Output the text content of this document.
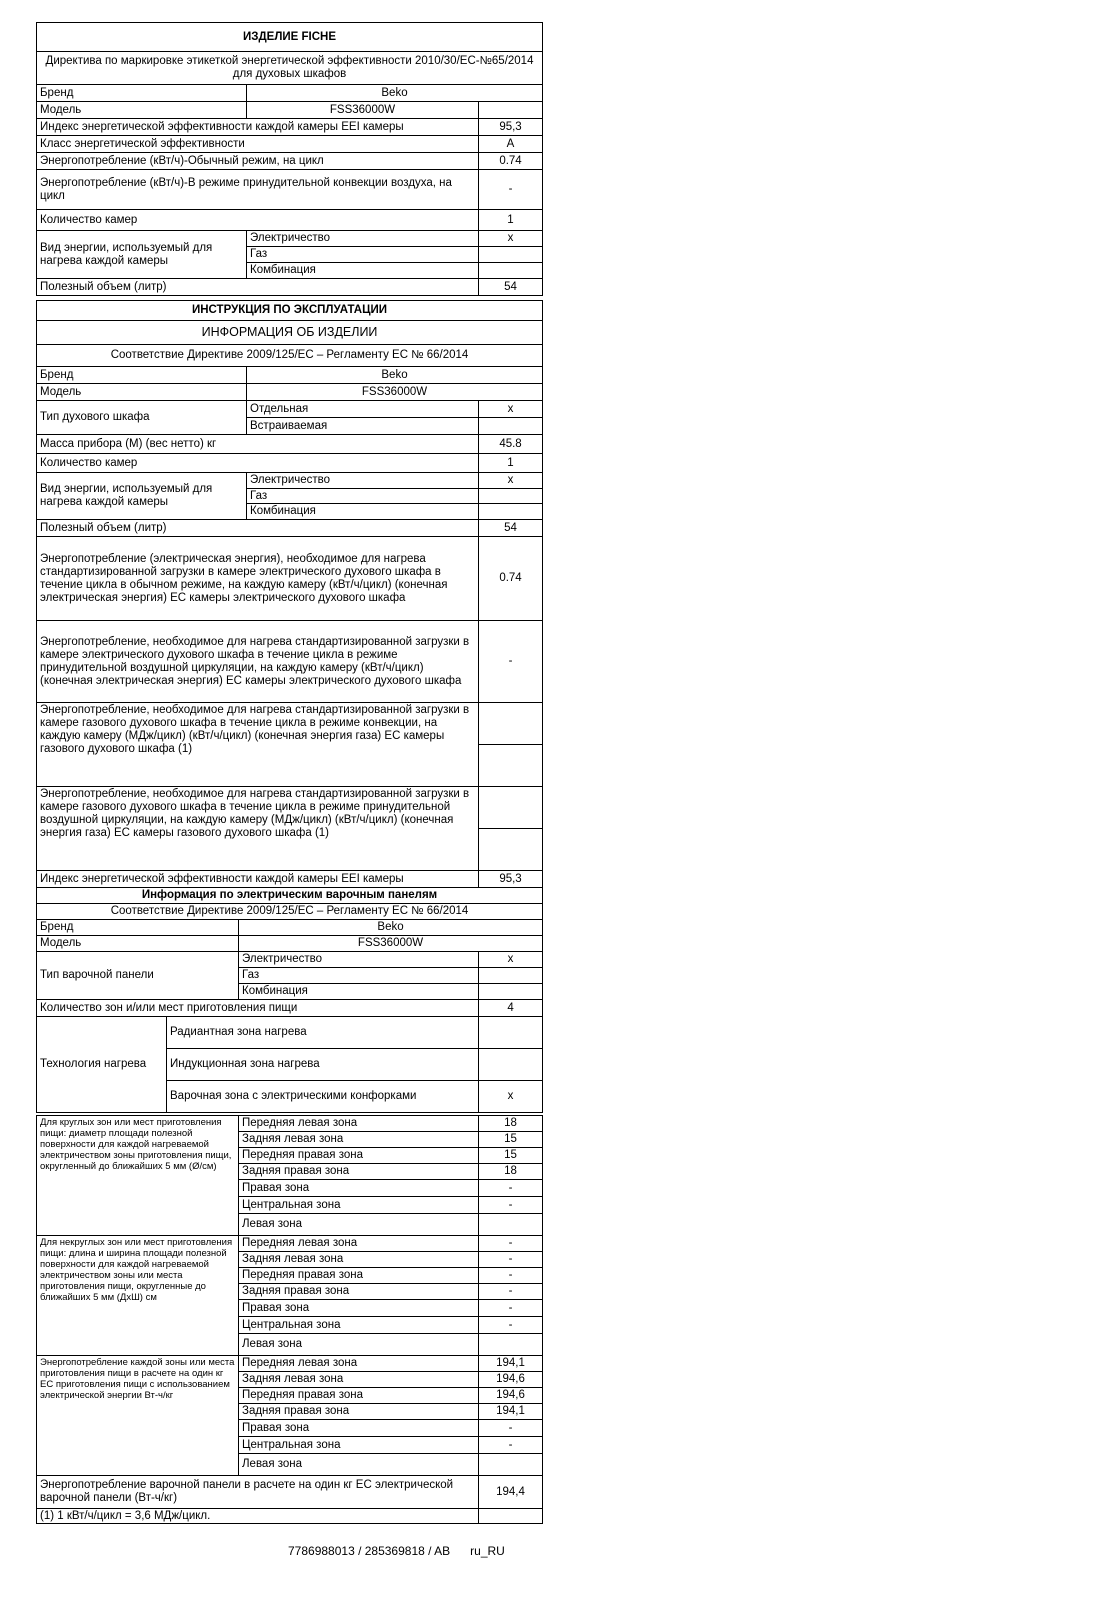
ИЗДЕЛИЕ FICHE		
Директива по маркировке этикеткой энергетической эффективности 2010/30/ЕС-№65/2014 для духовых шкафов		
Бренд	Beko	
Модель	FSS36000W	
Индекс энергетической эффективности каждой камеры EEI камеры		95,3
Класс энергетической эффективности		A
Энергопотребление (кВт/ч)-Обычный режим, на цикл		0.74
Энергопотребление (кВт/ч)-В режиме принудительной конвекции воздуха, на цикл		-
Количество камер		1
Вид энергии, используемый для нагрева каждой камеры	Электричество	x
	Газ	
	Комбинация	
Полезный объем (литр)		54
ИНСТРУКЦИЯ ПО ЭКСПЛУАТАЦИИ		
ИНФОРМАЦИЯ ОБ ИЗДЕЛИИ		
Соответствие Директиве 2009/125/ЕС – Регламенту ЕС № 66/2014		
Бренд	Beko	
Модель	FSS36000W	
Тип духового шкафа	Отдельная	x
	Встраиваемая	
Масса прибора (M) (вес нетто) кг		45.8
Количество камер		1
Вид энергии, используемый для нагрева каждой камеры	Электричество	x
	Газ	
	Комбинация	
Полезный объем (литр)		54
Энергопотребление (электрическая энергия), необходимое для нагрева стандартизированной загрузки в камере электрического духового шкафа в течение цикла в обычном режиме, на каждую камеру (кВт/ч/цикл) (конечная электрическая энергия) ЕС камеры электрического духового шкафа		0.74
Энергопотребление, необходимое для нагрева стандартизированной загрузки в камере электрического духового шкафа в течение цикла в режиме принудительной воздушной циркуляции, на каждую камеру (кВт/ч/цикл) (конечная электрическая энергия) ЕС камеры электрического духового шкафа		-
Энергопотребление, необходимое для нагрева стандартизированной загрузки в камере газового духового шкафа в течение цикла в режиме конвекции, на каждую камеру (МДж/цикл) (кВт/ч/цикл) (конечная энергия газа) ЕС камеры газового духового шкафа (1)		

Энергопотребление, необходимое для нагрева стандартизированной загрузки в камере газового духового шкафа в течение цикла в режиме принудительной воздушной циркуляции, на каждую камеру (МДж/цикл) (кВт/ч/цикл) (конечная энергия газа) ЕС камеры газового духового шкафа (1)		

Индекс энергетической эффективности каждой камеры EEI камеры		95,3
Информация по электрическим варочным панелям			
Соответствие Директиве 2009/125/ЕС – Регламенту ЕС № 66/2014			
Бренд		Beko	
Модель		FSS36000W	
Тип варочной панели		Электричество	x
		Газ	
		Комбинация	
Количество зон и/или мест приготовления пищи			4
Технология нагрева	Радиантная зона нагрева		
	Индукционная зона нагрева		
	Варочная зона с электрическими конфорками		x
Для круглых зон или мест приготовления пищи: диаметр площади полезной поверхности для каждой нагреваемой электричеством зоны приготовления пищи, округленный до ближайших 5 мм (Ø/см)	Передняя левая зона	18
	Задняя левая зона	15
	Передняя правая зона	15
	Задняя правая зона	18
	Правая зона	-
	Центральная зона	-
	Левая зона	
Для некруглых зон или мест приготовления пищи: длина и ширина площади полезной поверхности для каждой нагреваемой электричеством зоны или места приготовления пищи, округленные до ближайших 5 мм (ДхШ) см	Передняя левая зона	-
	Задняя левая зона	-
	Передняя правая зона	-
	Задняя правая зона	-
	Правая зона	-
	Центральная зона	-
	Левая зона	
Энергопотребление каждой зоны или места приготовления пищи в расчете на один кг ЕС приготовления пищи с использованием электрической энергии Вт-ч/кг	Передняя левая зона	194,1
	Задняя левая зона	194,6
	Передняя правая зона	194,6
	Задняя правая зона	194,1
	Правая зона	-
	Центральная зона	-
	Левая зона	
Энергопотребление варочной панели в расчете на один кг ЕС электрической варочной панели (Вт-ч/кг)		194,4
(1) 1 кВт/ч/цикл = 3,6 МДж/цикл.		
7786988013 / 285369818 / AB ru_RU
